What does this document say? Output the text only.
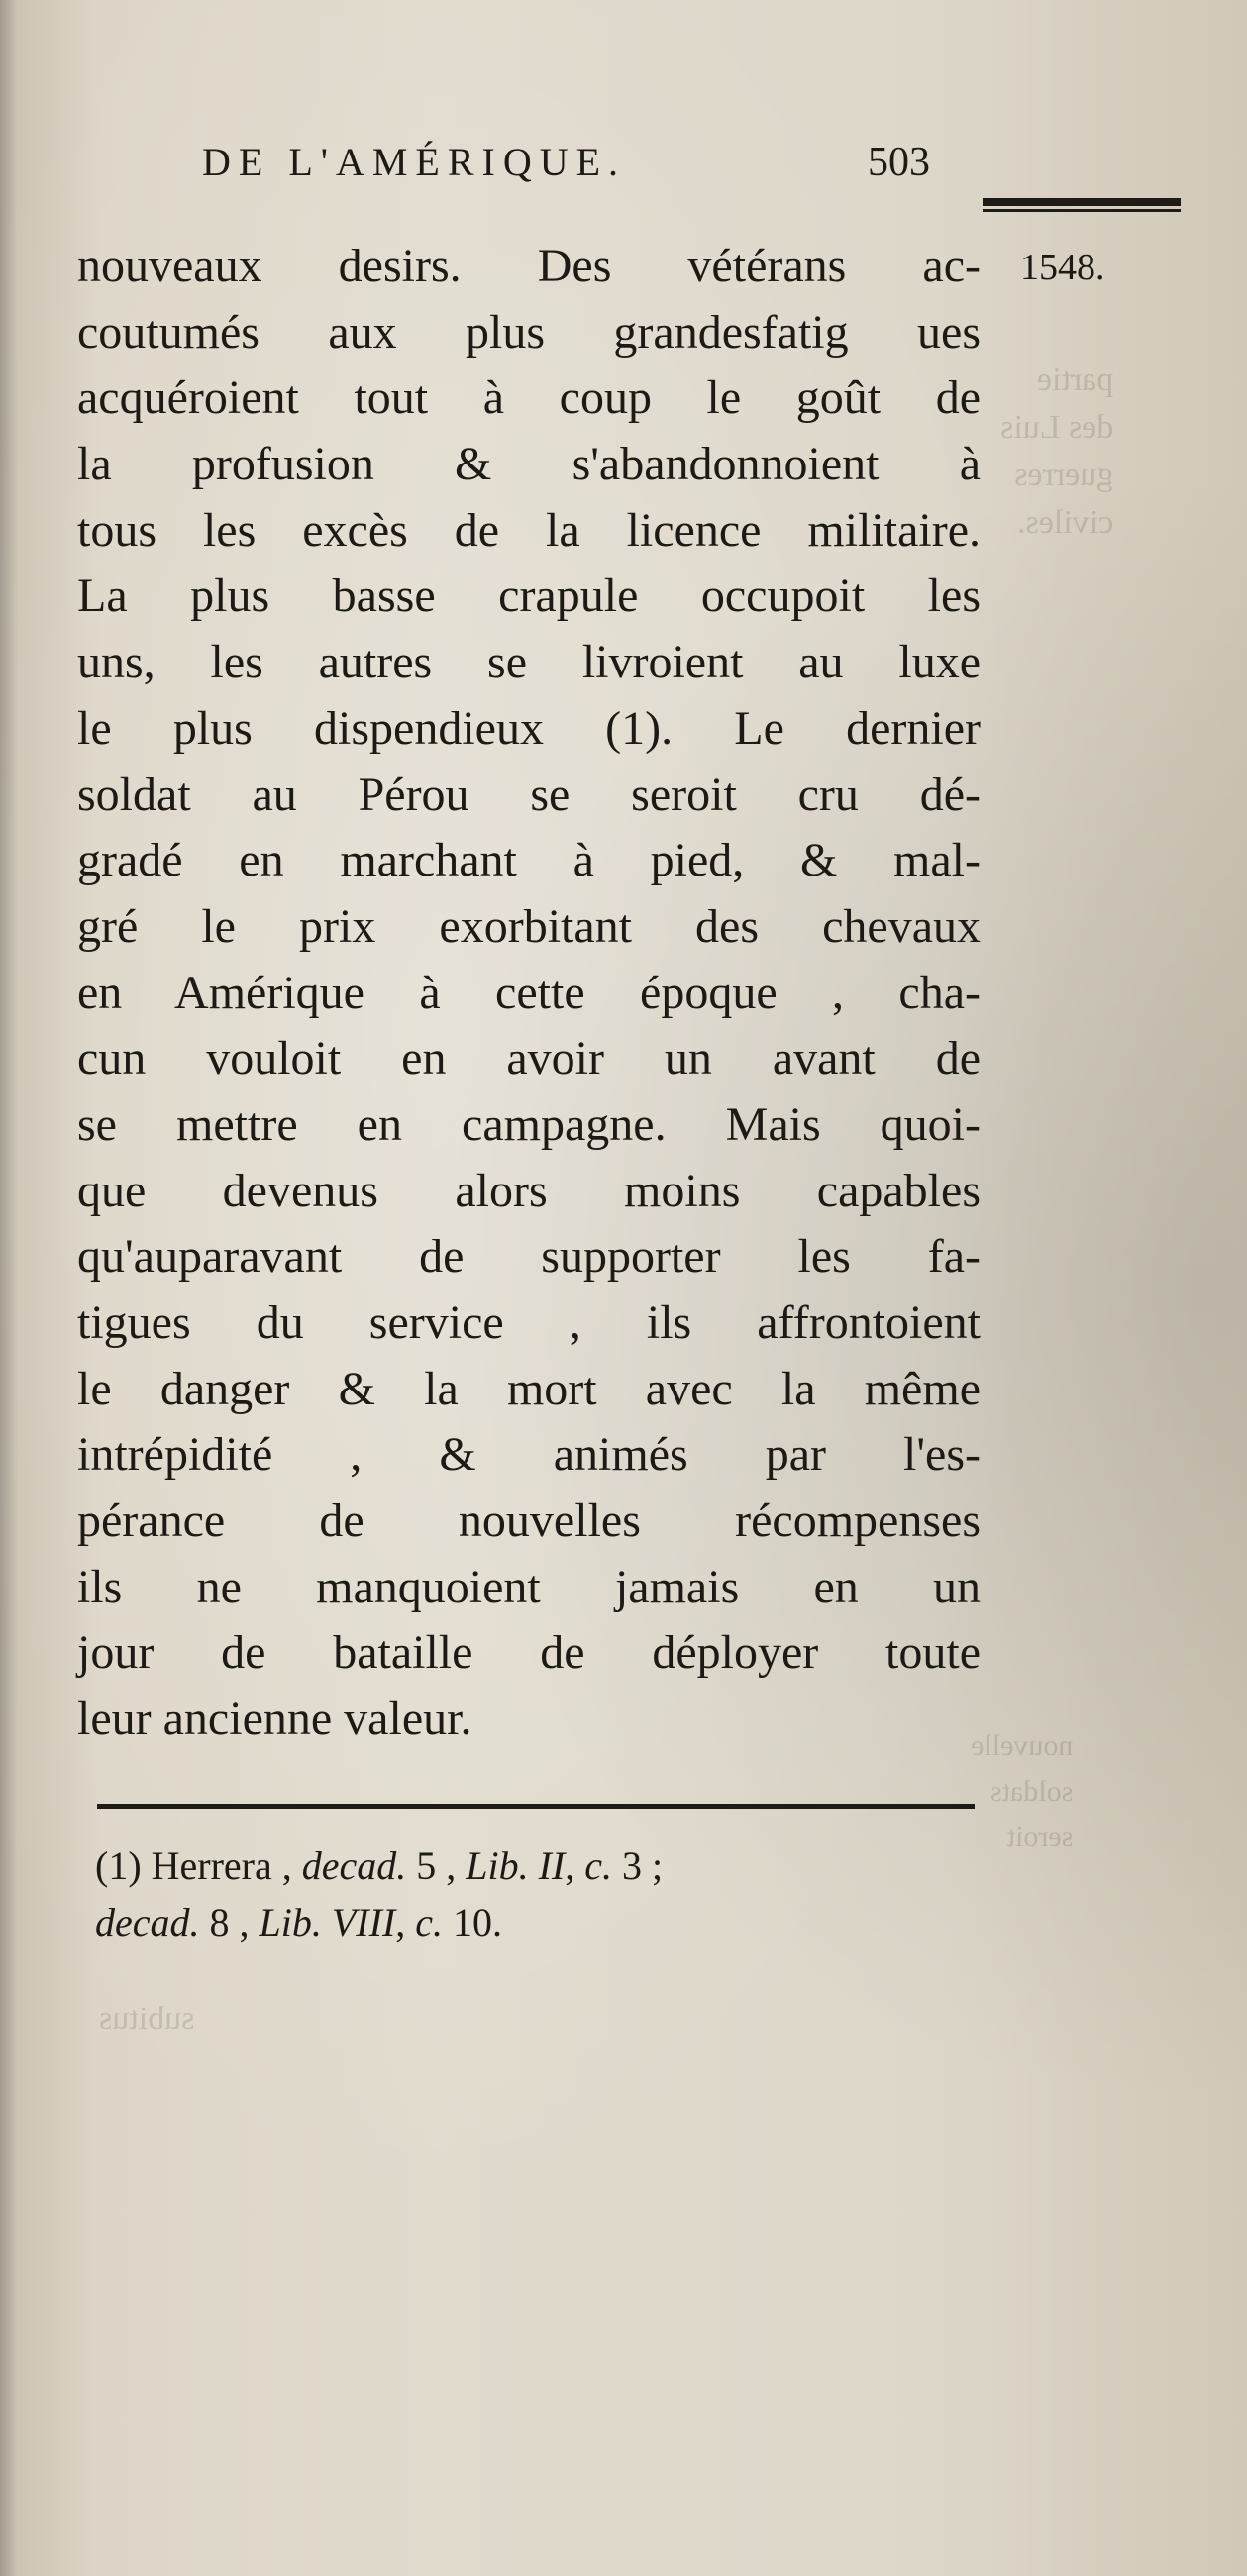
partie
des Luis
guerres
civiles.
nouvelle
soldats
seroit
subitus
DE L'AMÉRIQUE.	503
1548.
nouveaux desirs. Des vétérans ac-
coutumés aux plus grandesfatig ues
acquéroient tout à coup le goût de
la profusion & s'abandonnoient à
tous les excès de la licence militaire.
La plus basse crapule occupoit les
uns, les autres se livroient au luxe
le plus dispendieux (1). Le dernier
soldat au Pérou se seroit cru dé-
gradé en marchant à pied, & mal-
gré le prix exorbitant des chevaux
en Amérique à cette époque , cha-
cun vouloit en avoir un avant de
se mettre en campagne. Mais quoi-
que devenus alors moins capables
qu'auparavant de supporter les fa-
tigues du service , ils affrontoient
le danger & la mort avec la même
intrépidité , & animés par l'es-
pérance de nouvelles récompenses
ils ne manquoient jamais en un
jour de bataille de déployer toute
leur ancienne valeur.
(1) Herrera , decad. 5 , Lib. II, c. 3 ;
decad. 8 , Lib. VIII, c. 10.
